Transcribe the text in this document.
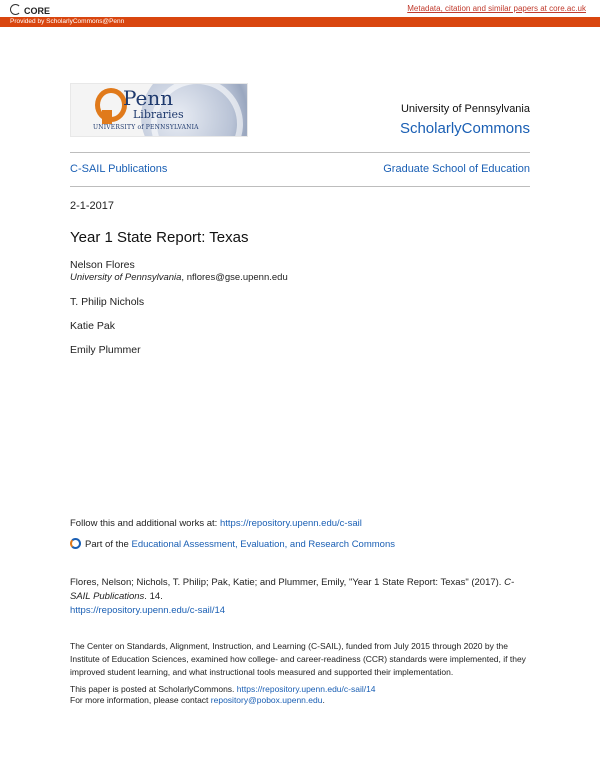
CORE	Metadata, citation and similar papers at core.ac.uk
Provided by ScholarlyCommons@Penn
Penn
Libraries
UNIVERSITY of PENNSYLVANIA
University of Pennsylvania
ScholarlyCommons
C-SAIL Publications	Graduate School of Education
2-1-2017
Year 1 State Report: Texas
Nelson Flores
University of Pennsylvania, nflores@gse.upenn.edu
T. Philip Nichols
Katie Pak
Emily Plummer
Follow this and additional works at: https://repository.upenn.edu/c-sail
Part of the Educational Assessment, Evaluation, and Research Commons
Flores, Nelson; Nichols, T. Philip; Pak, Katie; and Plummer, Emily, "Year 1 State Report: Texas" (2017). C-SAIL Publications. 14.
https://repository.upenn.edu/c-sail/14
The Center on Standards, Alignment, Instruction, and Learning (C-SAIL), funded from July 2015 through 2020 by the Institute of Education Sciences, examined how college- and career-readiness (CCR) standards were implemented, if they improved student learning, and what instructional tools measured and supported their implementation.
This paper is posted at ScholarlyCommons. https://repository.upenn.edu/c-sail/14
For more information, please contact repository@pobox.upenn.edu.
